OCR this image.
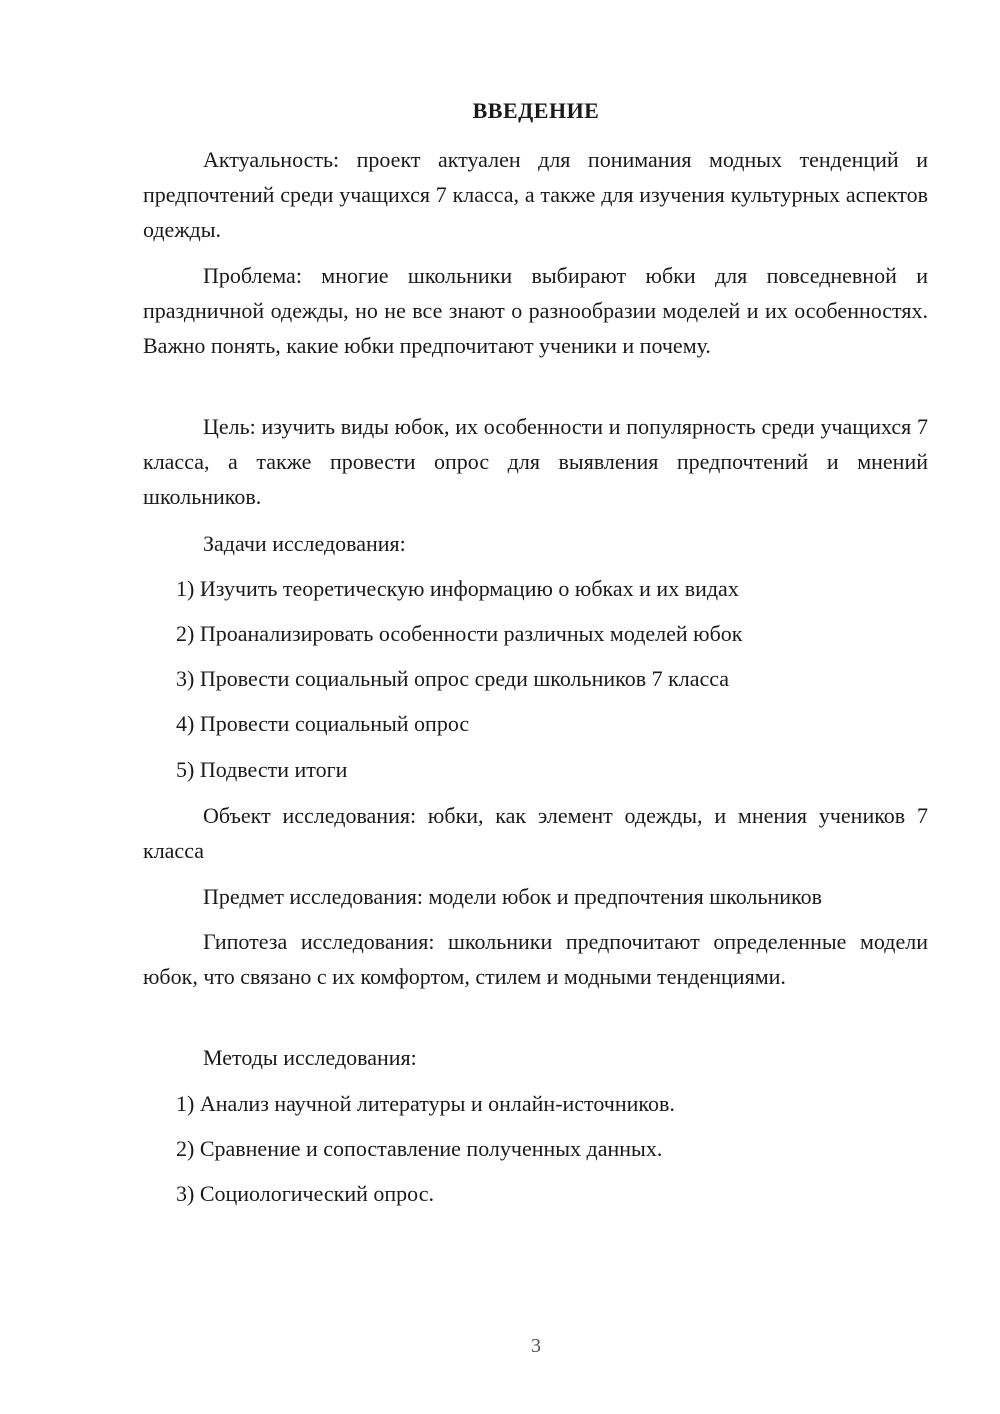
ВВЕДЕНИЕ

Актуальность: проект актуален для понимания модных тенденций и предпочтений среди учащихся 7 класса, а также для изучения культурных аспектов одежды.

Проблема: многие школьники выбирают юбки для повседневной и праздничной одежды, но не все знают о разнообразии моделей и их особенностях. Важно понять, какие юбки предпочитают ученики и почему.

Цель: изучить виды юбок, их особенности и популярность среди учащихся 7 класса, а также провести опрос для выявления предпочтений и мнений школьников.

Задачи исследования:

1) Изучить теоретическую информацию о юбках и их видах

2) Проанализировать особенности различных моделей юбок

3) Провести социальный опрос среди школьников 7 класса

4) Провести социальный опрос

5) Подвести итоги

Объект исследования: юбки, как элемент одежды, и мнения учеников 7 класса

Предмет исследования: модели юбок и предпочтения школьников

Гипотеза исследования: школьники предпочитают определенные модели юбок, что связано с их комфортом, стилем и модными тенденциями.

Методы исследования:

1) Анализ научной литературы и онлайн-источников.

2) Сравнение и сопоставление полученных данных.

3) Социологический опрос.

3
